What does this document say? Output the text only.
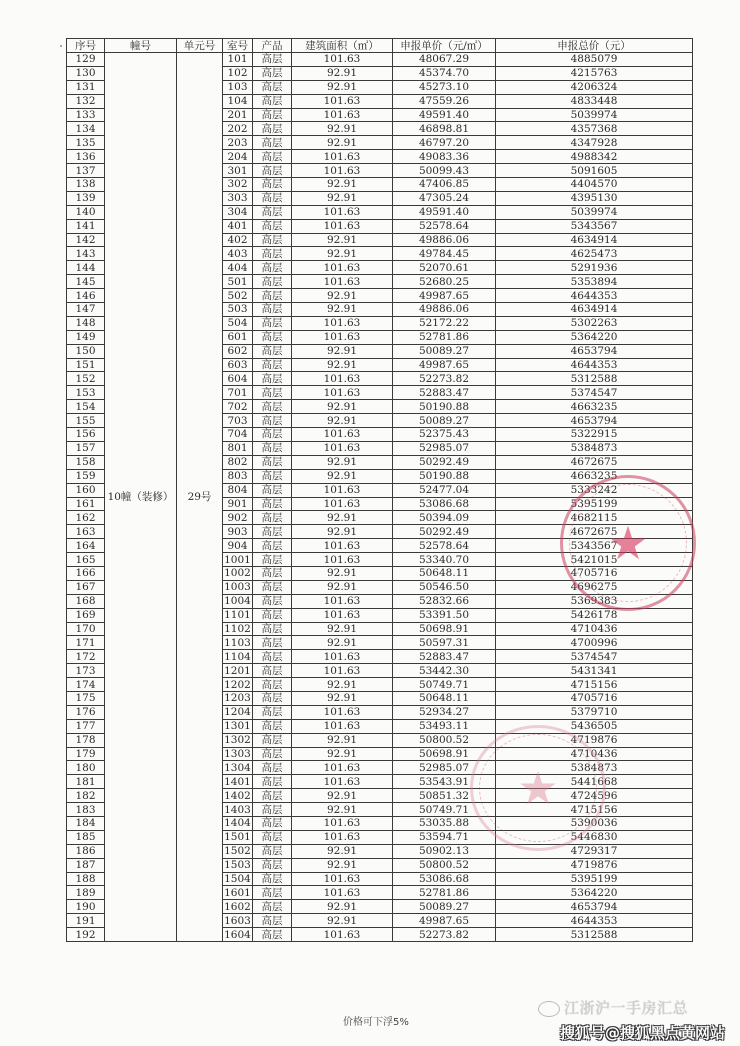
序号	幢号	单元号	室号	产品	建筑面积（㎡）	申报单价（元/㎡）	申报总价（元）
129	10幢（装修）	29号	101	高层	101.63	48067.29	4885079
130			102	高层	92.91	45374.70	4215763
131			103	高层	92.91	45273.10	4206324
132			104	高层	101.63	47559.26	4833448
133			201	高层	101.63	49591.40	5039974
134			202	高层	92.91	46898.81	4357368
135			203	高层	92.91	46797.20	4347928
136			204	高层	101.63	49083.36	4988342
137			301	高层	101.63	50099.43	5091605
138			302	高层	92.91	47406.85	4404570
139			303	高层	92.91	47305.24	4395130
140			304	高层	101.63	49591.40	5039974
141			401	高层	101.63	52578.64	5343567
142			402	高层	92.91	49886.06	4634914
143			403	高层	92.91	49784.45	4625473
144			404	高层	101.63	52070.61	5291936
145			501	高层	101.63	52680.25	5353894
146			502	高层	92.91	49987.65	4644353
147			503	高层	92.91	49886.06	4634914
148			504	高层	101.63	52172.22	5302263
149			601	高层	101.63	52781.86	5364220
150			602	高层	92.91	50089.27	4653794
151			603	高层	92.91	49987.65	4644353
152			604	高层	101.63	52273.82	5312588
153			701	高层	101.63	52883.47	5374547
154			702	高层	92.91	50190.88	4663235
155			703	高层	92.91	50089.27	4653794
156			704	高层	101.63	52375.43	5322915
157			801	高层	101.63	52985.07	5384873
158			802	高层	92.91	50292.49	4672675
159			803	高层	92.91	50190.88	4663235
160			804	高层	101.63	52477.04	5333242
161			901	高层	101.63	53086.68	5395199
162			902	高层	92.91	50394.09	4682115
163			903	高层	92.91	50292.49	4672675
164			904	高层	101.63	52578.64	5343567
165			1001	高层	101.63	53340.70	5421015
166			1002	高层	92.91	50648.11	4705716
167			1003	高层	92.91	50546.50	4696275
168			1004	高层	101.63	52832.66	5369383
169			1101	高层	101.63	53391.50	5426178
170			1102	高层	92.91	50698.91	4710436
171			1103	高层	92.91	50597.31	4700996
172			1104	高层	101.63	52883.47	5374547
173			1201	高层	101.63	53442.30	5431341
174			1202	高层	92.91	50749.71	4715156
175			1203	高层	92.91	50648.11	4705716
176			1204	高层	101.63	52934.27	5379710
177			1301	高层	101.63	53493.11	5436505
178			1302	高层	92.91	50800.52	4719876
179			1303	高层	92.91	50698.91	4710436
180			1304	高层	101.63	52985.07	5384873
181			1401	高层	101.63	53543.91	5441668
182			1402	高层	92.91	50851.32	4724596
183			1403	高层	92.91	50749.71	4715156
184			1404	高层	101.63	53035.88	5390036
185			1501	高层	101.63	53594.71	5446830
186			1502	高层	92.91	50902.13	4729317
187			1503	高层	92.91	50800.52	4719876
188			1504	高层	101.63	53086.68	5395199
189			1601	高层	101.63	52781.86	5364220
190			1602	高层	92.91	50089.27	4653794
191			1603	高层	92.91	49987.65	4644353
192			1604	高层	101.63	52273.82	5312588
★
★
价格可下浮5%
江浙沪一手房汇总
搜狐号@搜狐黑点黄网站
